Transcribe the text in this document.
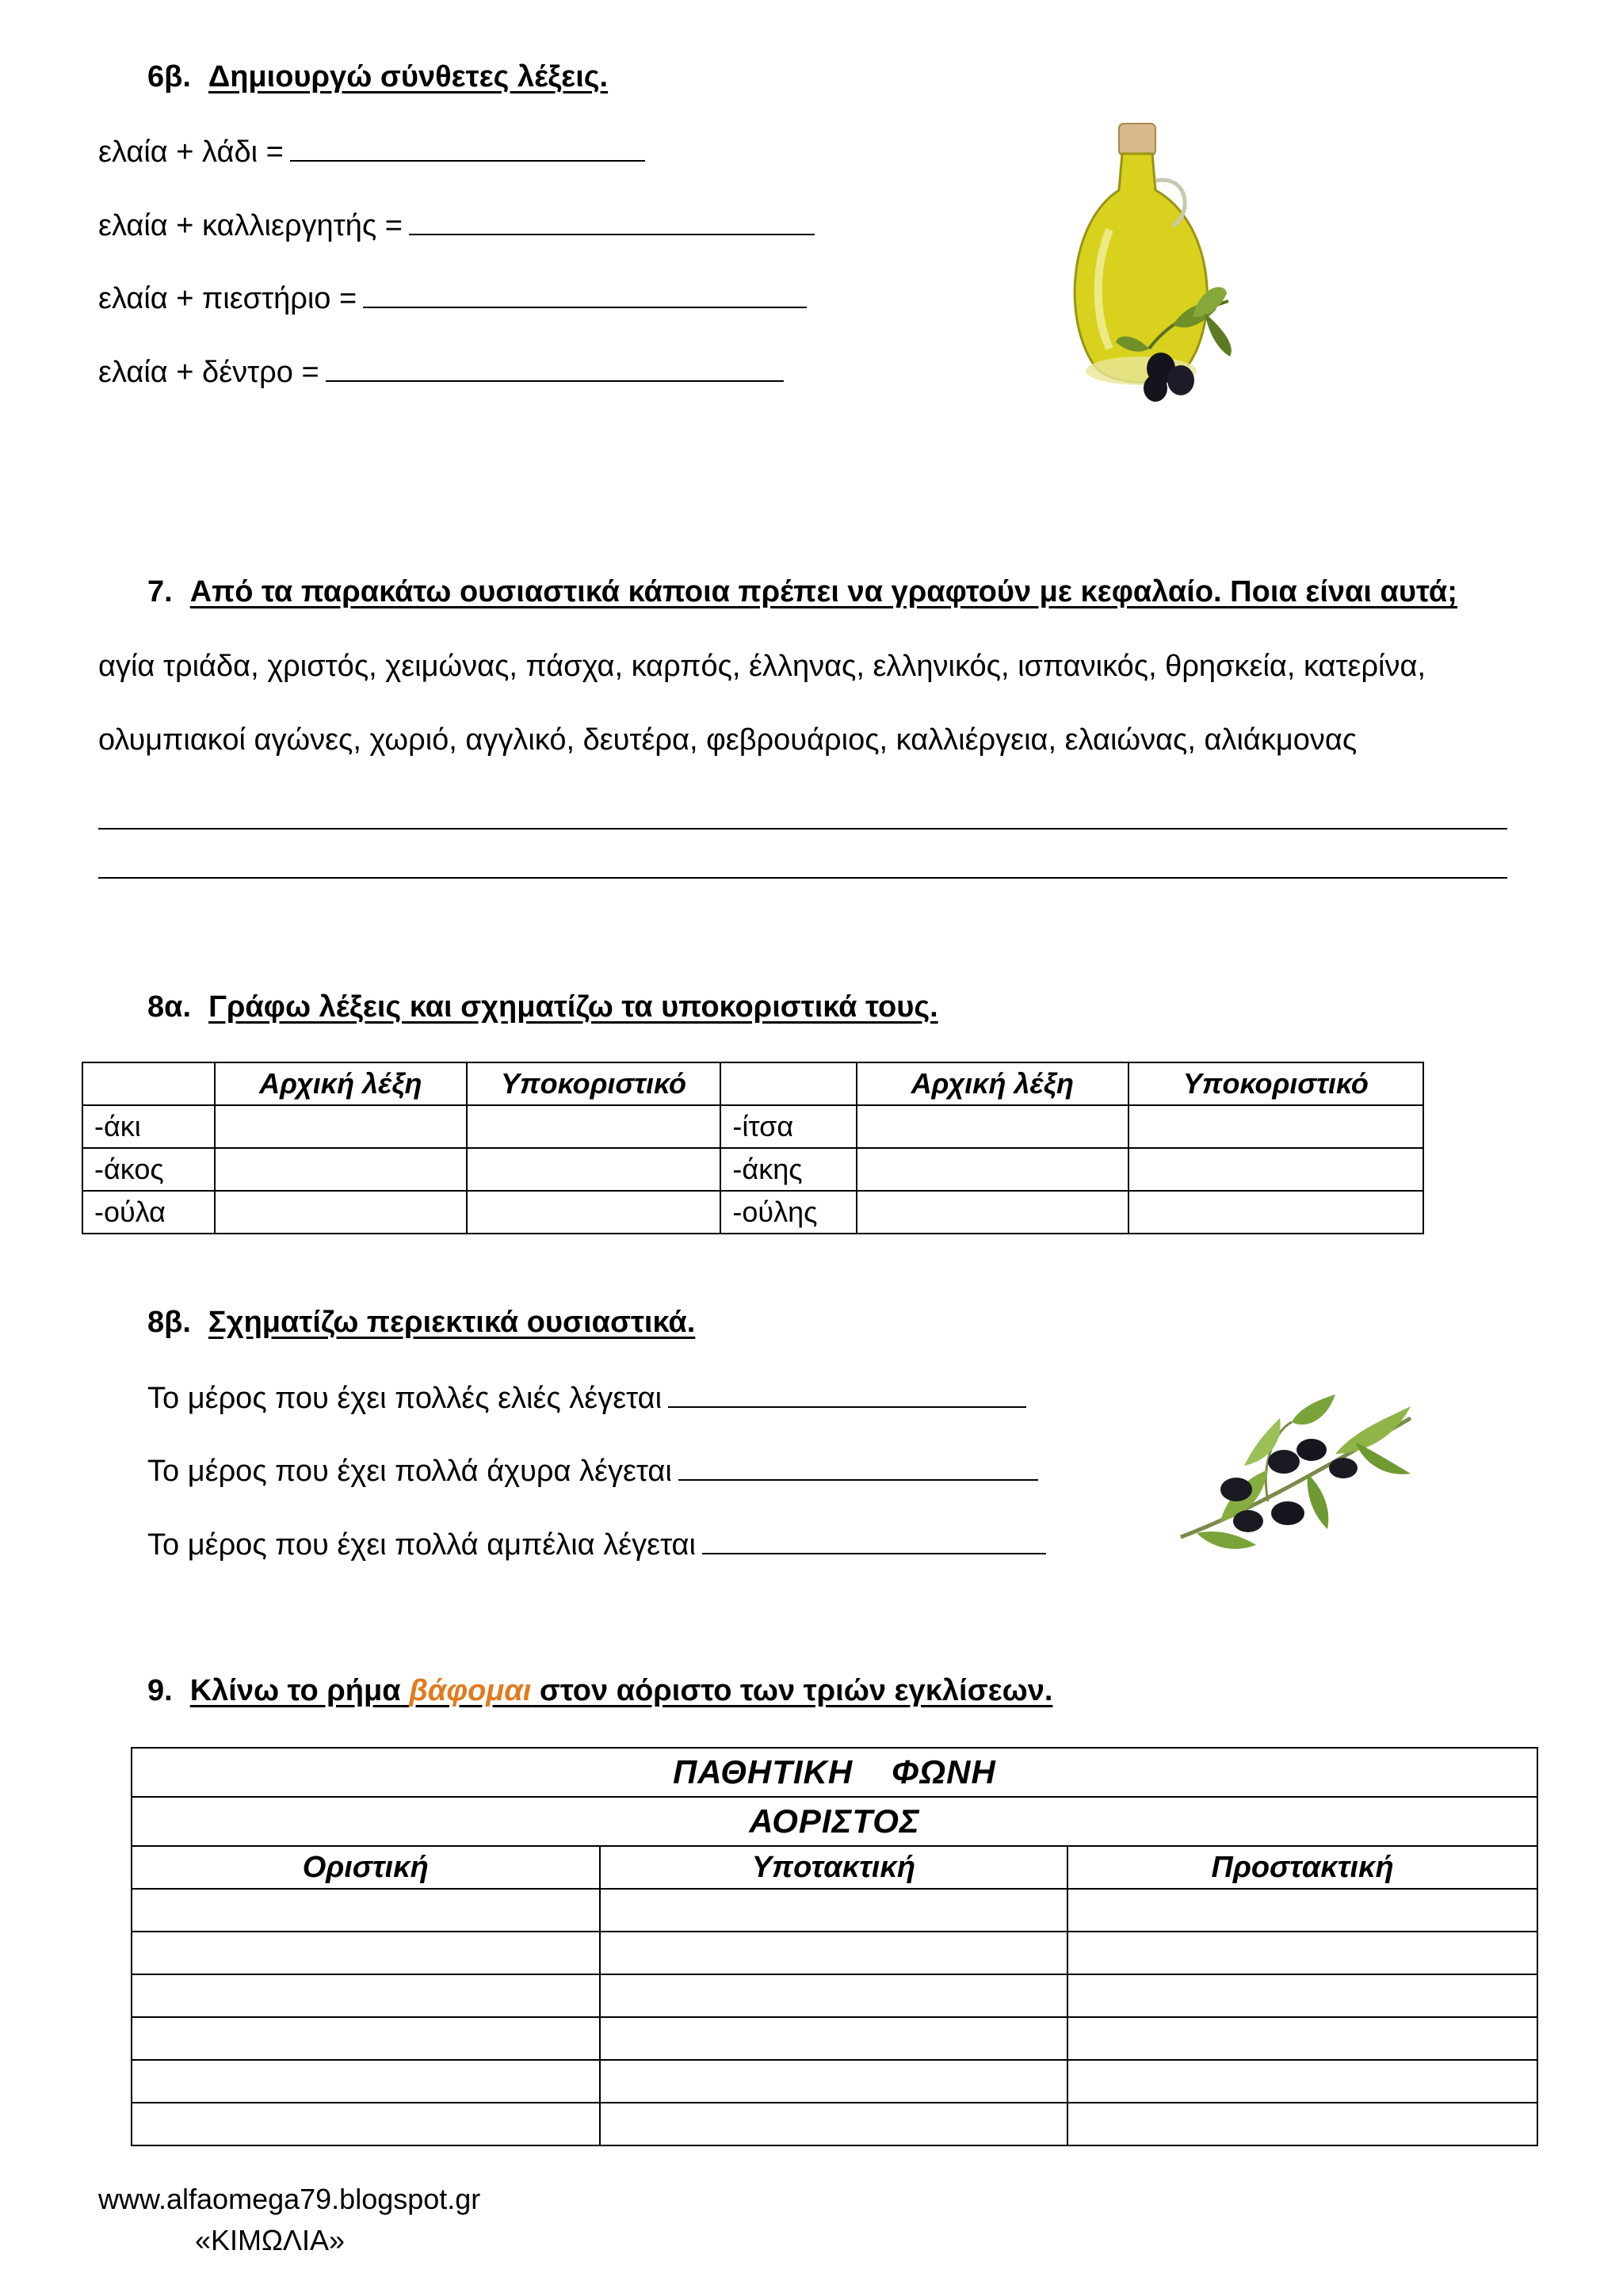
6β. Δημιουργώ σύνθετες λέξεις.
ελαία + λάδι =
ελαία + καλλιεργητής =
ελαία + πιεστήριο =
ελαία + δέντρο =
7. Από τα παρακάτω ουσιαστικά κάποια πρέπει να γραφτούν με κεφαλαίο. Ποια είναι αυτά;
αγία τριάδα, χριστός, χειμώνας, πάσχα, καρπός, έλληνας, ελληνικός, ισπανικός, θρησκεία, κατερίνα,
ολυμπιακοί αγώνες, χωριό, αγγλικό, δευτέρα, φεβρουάριος, καλλιέργεια, ελαιώνας, αλιάκμονας
8α. Γράφω λέξεις και σχηματίζω τα υποκοριστικά τους.
	Αρχική λέξη	Υποκοριστικό		Αρχική λέξη	Υποκοριστικό
-άκι			-ίτσα		
-άκος			-άκης		
-ούλα			-ούλης		
8β. Σχηματίζω περιεκτικά ουσιαστικά.
Το μέρος που έχει πολλές ελιές λέγεται
Το μέρος που έχει πολλά άχυρα λέγεται
Το μέρος που έχει πολλά αμπέλια λέγεται
9. Κλίνω το ρήμα βάφομαι στον αόριστο των τριών εγκλίσεων.
ΠΑΘΗΤΙΚΗ ΦΩΝΗ		
ΑΟΡΙΣΤΟΣ		
Οριστική	Υποτακτική	Προστακτική

www.alfaomega79.blogspot.gr
«ΚΙΜΩΛΙΑ»
